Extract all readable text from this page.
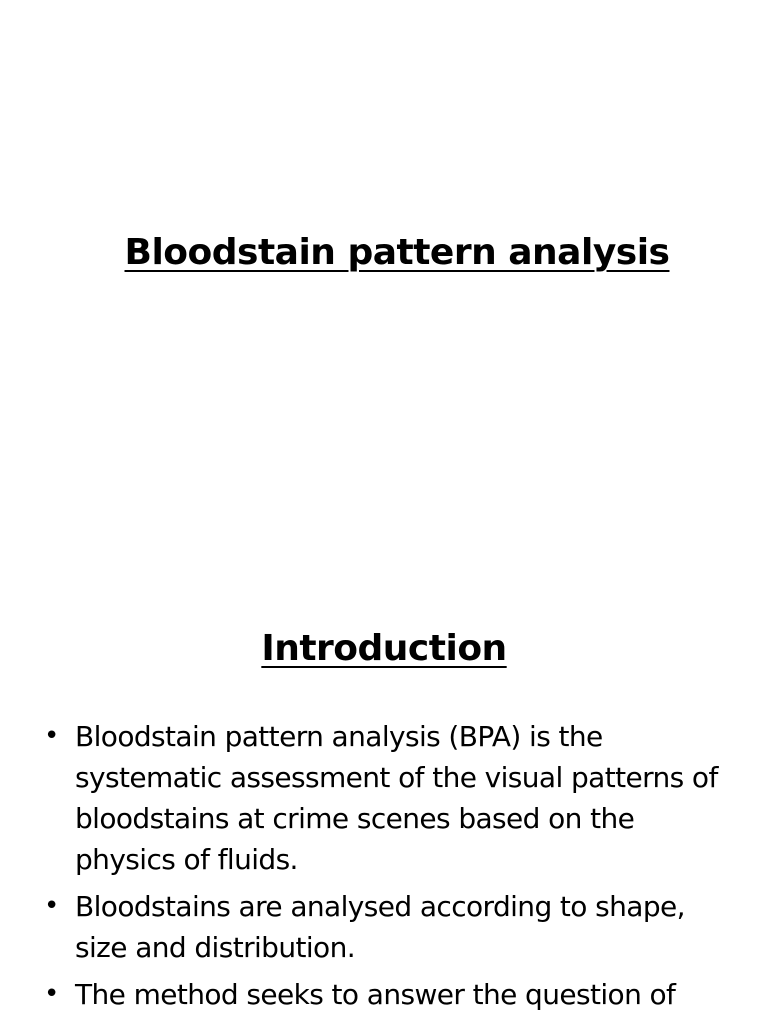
Bloodstain pattern analysis
Introduction
• Bloodstain pattern analysis (BPA) is the systematic assessment of the visual patterns of bloodstains at crime scenes based on the physics of fluids.
• Bloodstains are analysed according to shape, size and distribution.
• The method seeks to answer the question of
